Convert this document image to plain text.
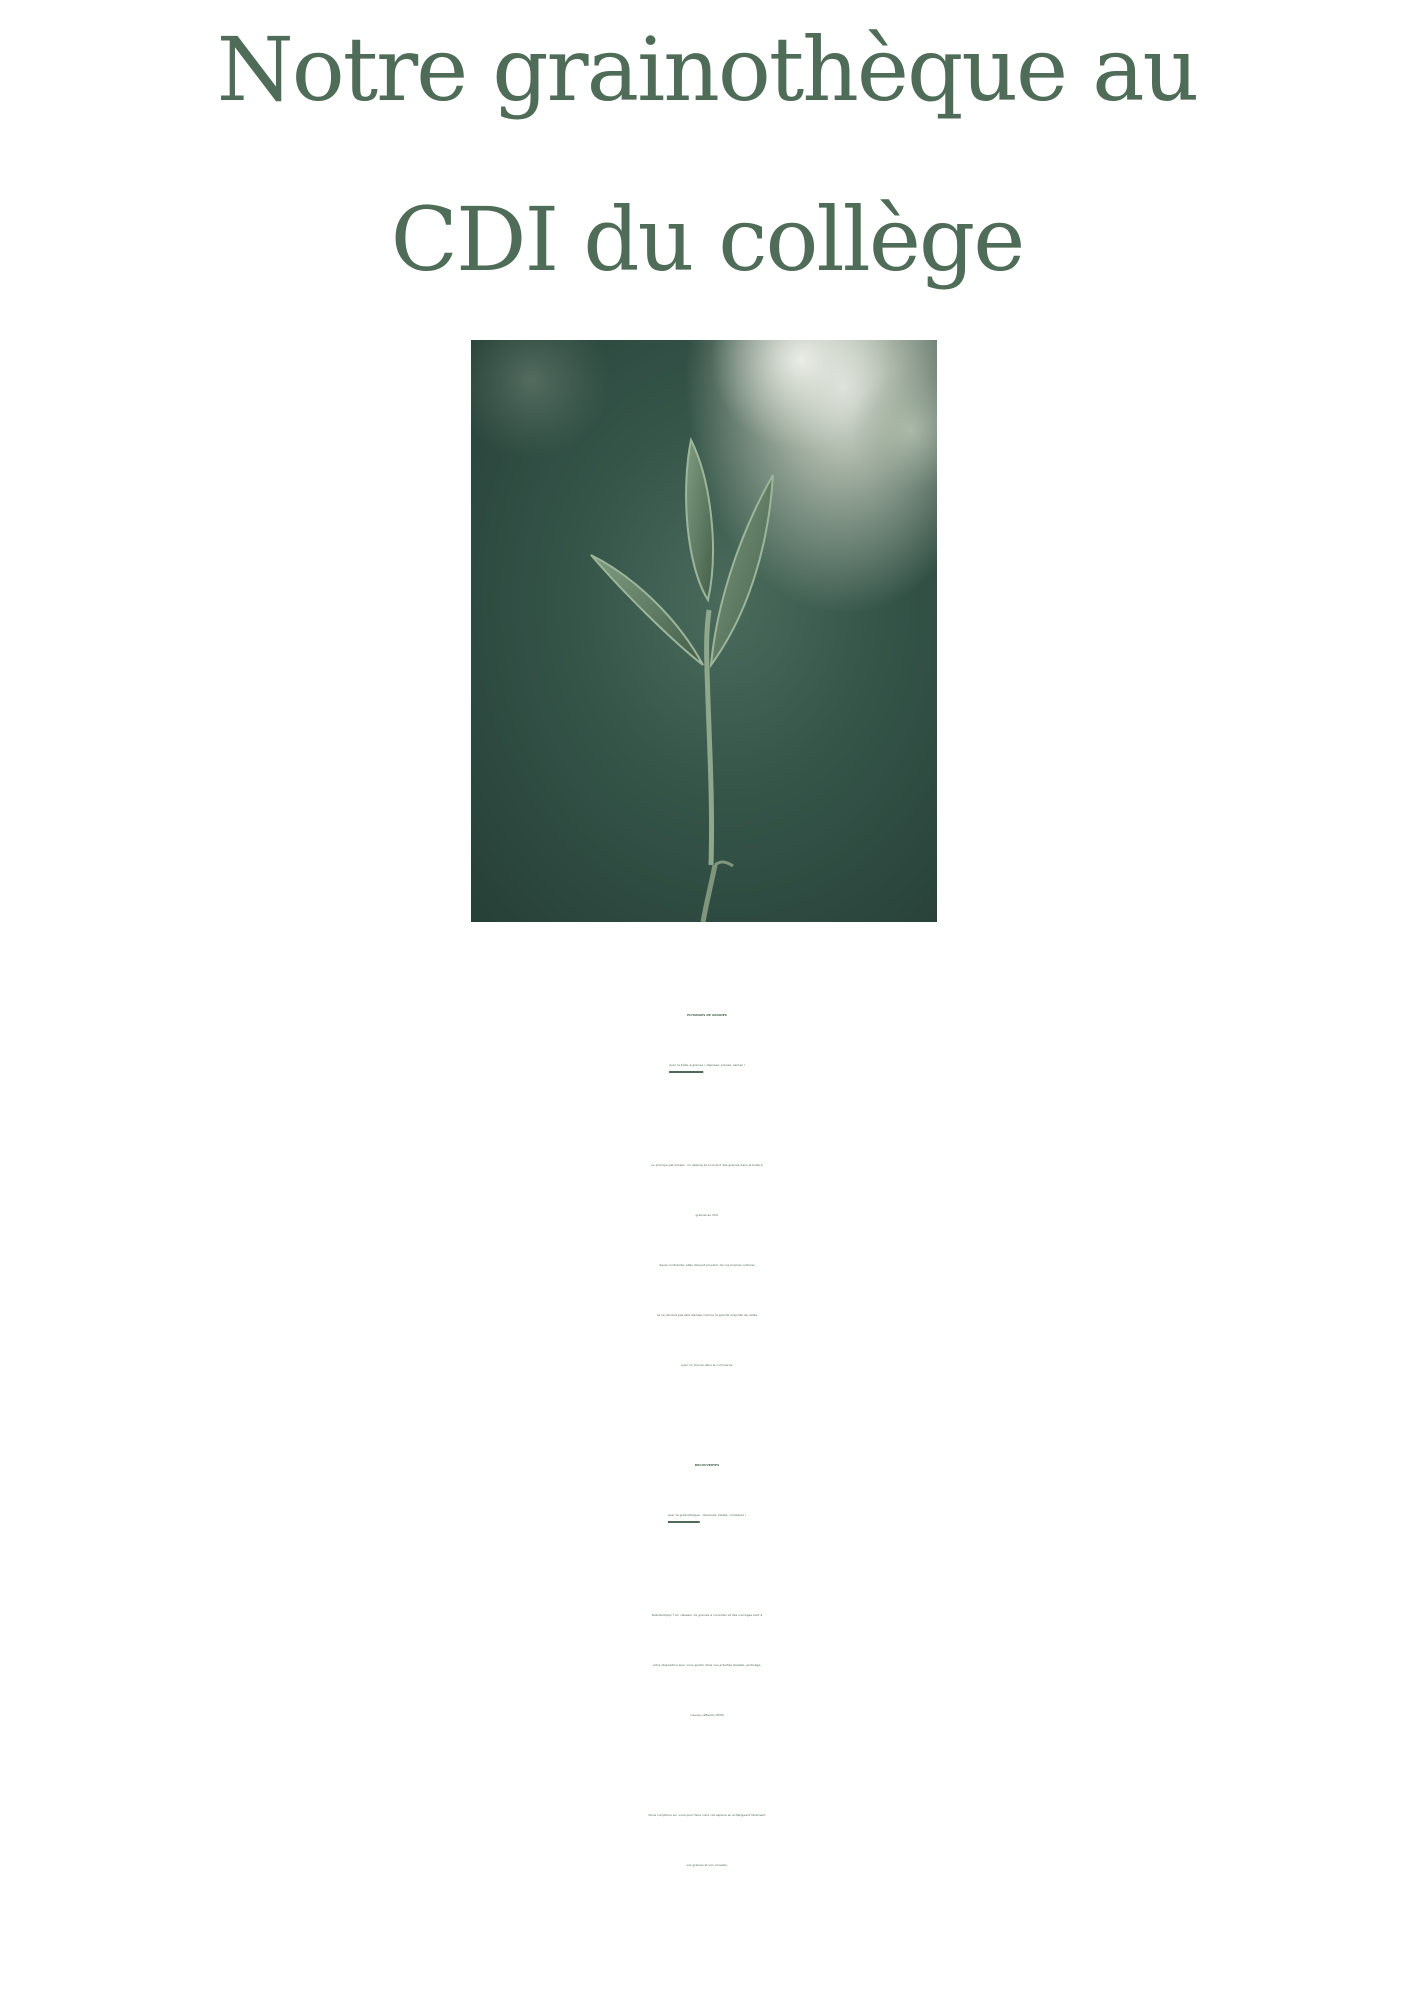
Notre grainothèque au
CDI du collège

ECHANGES DE GRAINES

Avec la boîte à graines : déposez, prenez, semez !

Le principe est simple : on dépose et on prend des graines dans la boîte à

graines au CDI.

Seule contrainte, elles doivent provenir de vos propres cultures

et ne doivent pas être stériles comme la grande majorité de celles

que l’on trouve dans le commerce.

DECOUVERTES

Avec la grainothèque : observez, testez, comparez !

Débutant(e)s ? Un classeur de graines à consulter et des ouvrages sont à

votre disposition pour vous guider dans vos activités (balade, jardinage,

cuisine, réflexion EDD)

Nous comptons sur vous pour faire vivre cet espace en échangeant librement

vos graines et vos conseils.
